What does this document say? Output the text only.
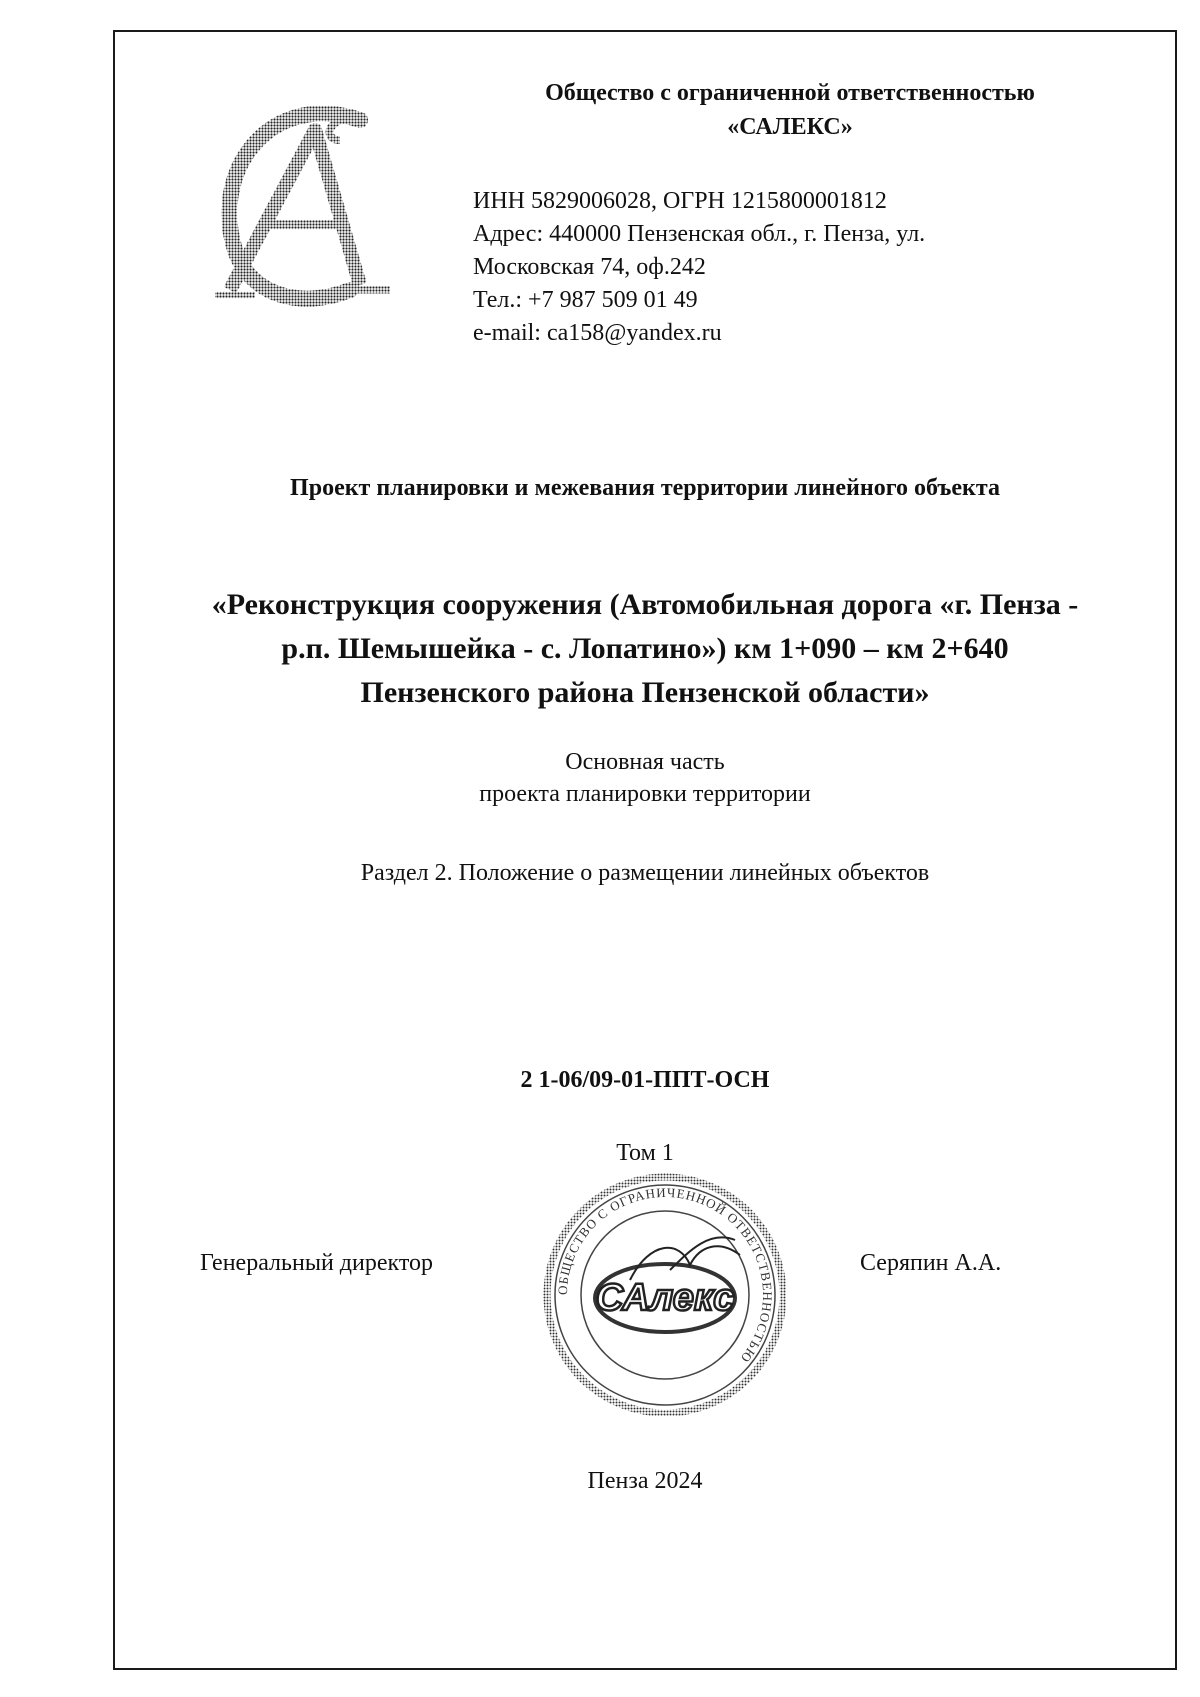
Общество с ограниченной ответственностью
«САЛЕКС»
ИНН 5829006028, ОГРН 1215800001812
Адрес: 440000 Пензенская обл., г. Пенза, ул.
Московская 74, оф.242
Тел.: +7 987 509 01 49
e-mail: ca158@yandex.ru
Проект планировки и межевания территории линейного объекта
«Реконструкция сооружения (Автомобильная дорога «г. Пенза -
р.п. Шемышейка - с. Лопатино») км 1+090 – км 2+640
Пензенского района Пензенской области»
Основная часть
проекта планировки территории
Раздел 2. Положение о размещении линейных объектов
2 1-06/09-01-ППТ-ОСН
Том 1
Генеральный директор	Серяпин А.А.
ОБЩЕСТВО С ОГРАНИЧЕННОЙ ОТВЕТСТВЕННОСТЬЮ
САлекс
Пенза 2024
